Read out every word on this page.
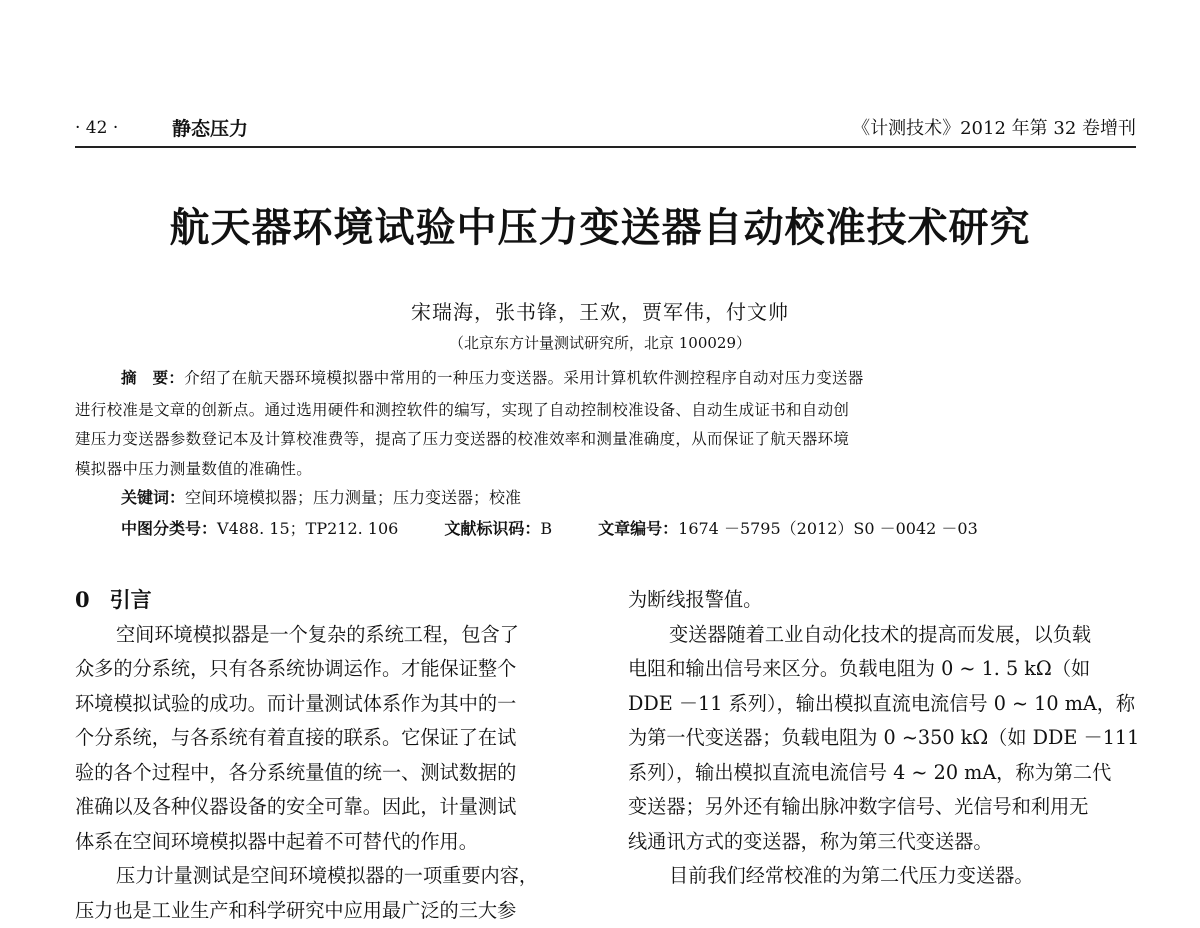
· 42 ·	静态压力	《计测技术》2012 年第 32 卷增刊
航天器环境试验中压力变送器自动校准技术研究
宋瑞海，张书锋，王欢，贾军伟，付文帅
（北京东方计量测试研究所，北京 100029）
摘　要：介绍了在航天器环境模拟器中常用的一种压力变送器。采用计算机软件测控程序自动对压力变送器
进行校准是文章的创新点。通过选用硬件和测控软件的编写，实现了自动控制校准设备、自动生成证书和自动创
建压力变送器参数登记本及计算校准费等，提高了压力变送器的校准效率和测量准确度，从而保证了航天器环境
模拟器中压力测量数值的准确性。
关键词：空间环境模拟器；压力测量；压力变送器；校准
中图分类号：V488. 15；TP212. 106	文献标识码：B	文章编号：1674 －5795（2012）S0 －0042 －03
0 引言
空间环境模拟器是一个复杂的系统工程，包含了
众多的分系统，只有各系统协调运作。才能保证整个
环境模拟试验的成功。而计量测试体系作为其中的一
个分系统，与各系统有着直接的联系。它保证了在试
验的各个过程中，各分系统量值的统一、测试数据的
准确以及各种仪器设备的安全可靠。因此，计量测试
体系在空间环境模拟器中起着不可替代的作用。
压力计量测试是空间环境模拟器的一项重要内容，
压力也是工业生产和科学研究中应用最广泛的三大参
为断线报警值。
变送器随着工业自动化技术的提高而发展，以负载
电阻和输出信号来区分。负载电阻为 0 ~ 1. 5 kΩ（如
DDE －11 系列），输出模拟直流电流信号 0 ~ 10 mA，称
为第一代变送器；负载电阻为 0 ~350 kΩ（如 DDE －111
系列），输出模拟直流电流信号 4 ~ 20 mA，称为第二代
变送器；另外还有输出脉冲数字信号、光信号和利用无
线通讯方式的变送器，称为第三代变送器。
目前我们经常校准的为第二代压力变送器。
